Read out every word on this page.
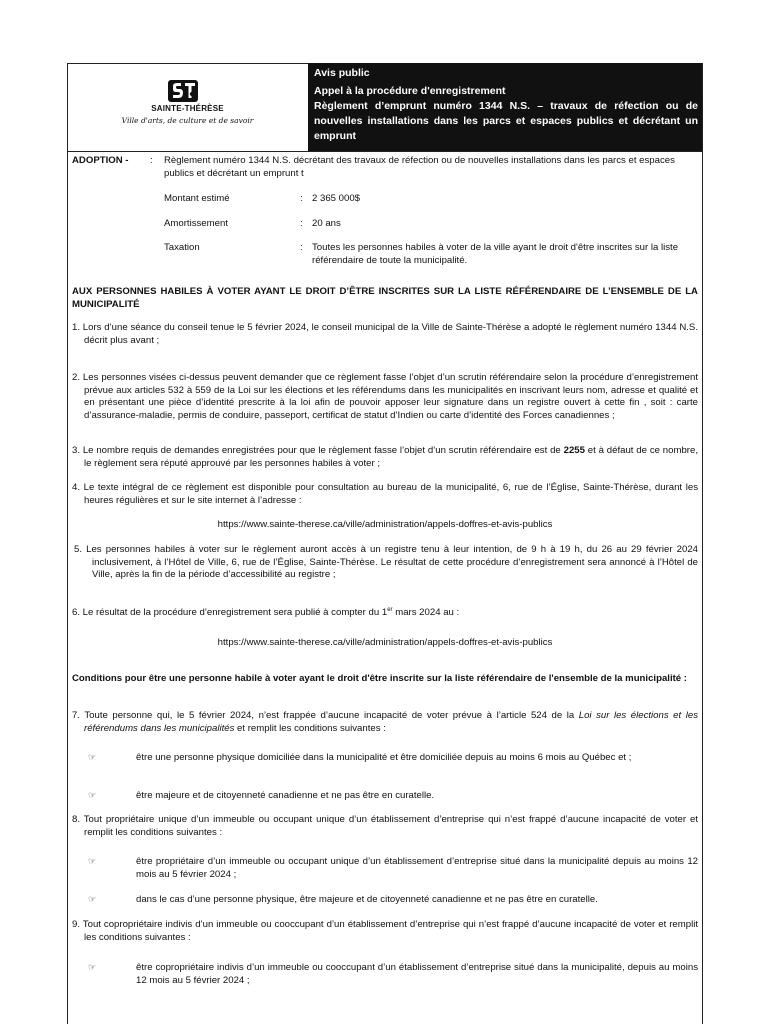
SAINTE-THÉRÈSE
Ville d'arts, de culture et de savoir
Avis public
Appel à la procédure d'enregistrement
Règlement d’emprunt numéro 1344 N.S. – travaux de réfection ou de nouvelles installations dans les parcs et espaces publics et décrétant un emprunt
ADOPTION - : Règlement numéro 1344 N.S. décrétant des travaux de réfection ou de nouvelles installations dans les parcs et espaces publics et décrétant un emprunt t
Montant estimé	: 2 365 000$
Amortissement	: 20 ans
Taxation	: Toutes les personnes habiles à voter de la ville ayant le droit d'être inscrites sur la liste référendaire de toute la municipalité.
AUX PERSONNES HABILES À VOTER AYANT LE DROIT D’ÊTRE INSCRITES SUR LA LISTE RÉFÉRENDAIRE DE L’ENSEMBLE DE LA MUNICIPALITÉ
1. Lors d’une séance du conseil tenue le 5 février 2024, le conseil municipal de la Ville de Sainte-Thérèse a adopté le règlement numéro 1344 N.S. décrit plus avant ;
2. Les personnes visées ci-dessus peuvent demander que ce règlement fasse l’objet d’un scrutin référendaire selon la procédure d’enregistrement prévue aux articles 532 à 559 de la Loi sur les élections et les référendums dans les municipalités en inscrivant leurs nom, adresse et qualité et en présentant une pièce d’identité prescrite à la loi afin de pouvoir apposer leur signature dans un registre ouvert à cette fin , soit : carte d’assurance-maladie, permis de conduire, passeport, certificat de statut d’Indien ou carte d’identité des Forces canadiennes ;
3. Le nombre requis de demandes enregistrées pour que le règlement fasse l’objet d’un scrutin référendaire est de 2255 et à défaut de ce nombre, le règlement sera réputé approuvé par les personnes habiles à voter ;
4. Le texte intégral de ce règlement est disponible pour consultation au bureau de la municipalité, 6, rue de l’Église, Sainte-Thérèse, durant les heures régulières et sur le site internet à l’adresse :
https://www.sainte-therese.ca/ville/administration/appels-doffres-et-avis-publics
5. Les personnes habiles à voter sur le règlement auront accès à un registre tenu à leur intention, de 9 h à 19 h, du 26 au 29 février 2024 inclusivement, à l’Hôtel de Ville, 6, rue de l’Église, Sainte-Thérèse. Le résultat de cette procédure d’enregistrement sera annoncé à l’Hôtel de Ville, après la fin de la période d’accessibilité au registre ;
6. Le résultat de la procédure d’enregistrement sera publié à compter du 1er mars 2024 au :
https://www.sainte-therese.ca/ville/administration/appels-doffres-et-avis-publics
Conditions pour être une personne habile à voter ayant le droit d'être inscrite sur la liste référendaire de l'ensemble de la municipalité :
7. Toute personne qui, le 5 février 2024, n’est frappée d’aucune incapacité de voter prévue à l’article 524 de la Loi sur les élections et les référendums dans les municipalités et remplit les conditions suivantes :
☞	être une personne physique domiciliée dans la municipalité et être domiciliée depuis au moins 6 mois au Québec et ;
☞	être majeure et de citoyenneté canadienne et ne pas être en curatelle.
8. Tout propriétaire unique d’un immeuble ou occupant unique d’un établissement d’entreprise qui n’est frappé d’aucune incapacité de voter et remplit les conditions suivantes :
☞	être propriétaire d’un immeuble ou occupant unique d’un établissement d’entreprise situé dans la municipalité depuis au moins 12 mois au 5 février 2024 ;
☞	dans le cas d’une personne physique, être majeure et de citoyenneté canadienne et ne pas être en curatelle.
9. Tout copropriétaire indivis d’un immeuble ou cooccupant d’un établissement d’entreprise qui n’est frappé d’aucune incapacité de voter et remplit les conditions suivantes :
☞	être copropriétaire indivis d’un immeuble ou cooccupant d’un établissement d’entreprise situé dans la municipalité, depuis au moins 12 mois au 5 février 2024 ;
